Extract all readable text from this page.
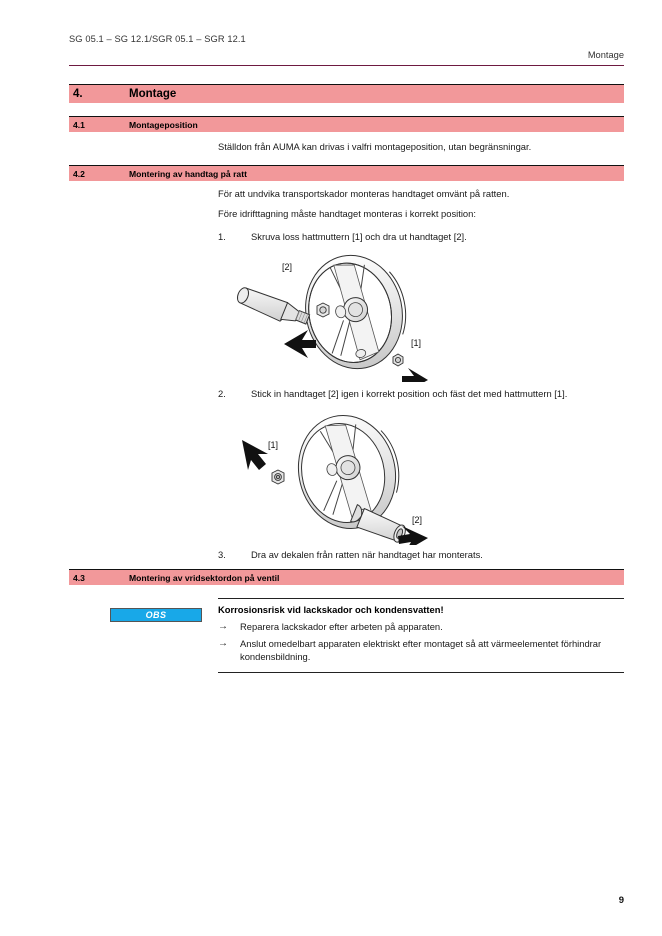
SG 05.1 – SG 12.1/SGR 05.1 – SGR 12.1
Montage
4.	Montage
4.1	Montageposition
Ställdon från AUMA kan drivas i valfri montageposition, utan begränsningar.
4.2	Montering av handtag på ratt
För att undvika transportskador monteras handtaget omvänt på ratten.
Före idrifttagning måste handtaget monteras i korrekt position:
1.	Skruva loss hattmuttern [1] och dra ut handtaget [2].
[2]
[1]
2.	Stick in handtaget [2] igen i korrekt position och fäst det med hattmuttern [1].
[1]
[2]
3.	Dra av dekalen från ratten när handtaget har monterats.
4.3	Montering av vridsektordon på ventil
OBS	Korrosionsrisk vid lackskador och kondensvatten!
→	Reparera lackskador efter arbeten på apparaten.
→	Anslut omedelbart apparaten elektriskt efter montaget så att värmeelementet förhindrar kondensbildning.
9
